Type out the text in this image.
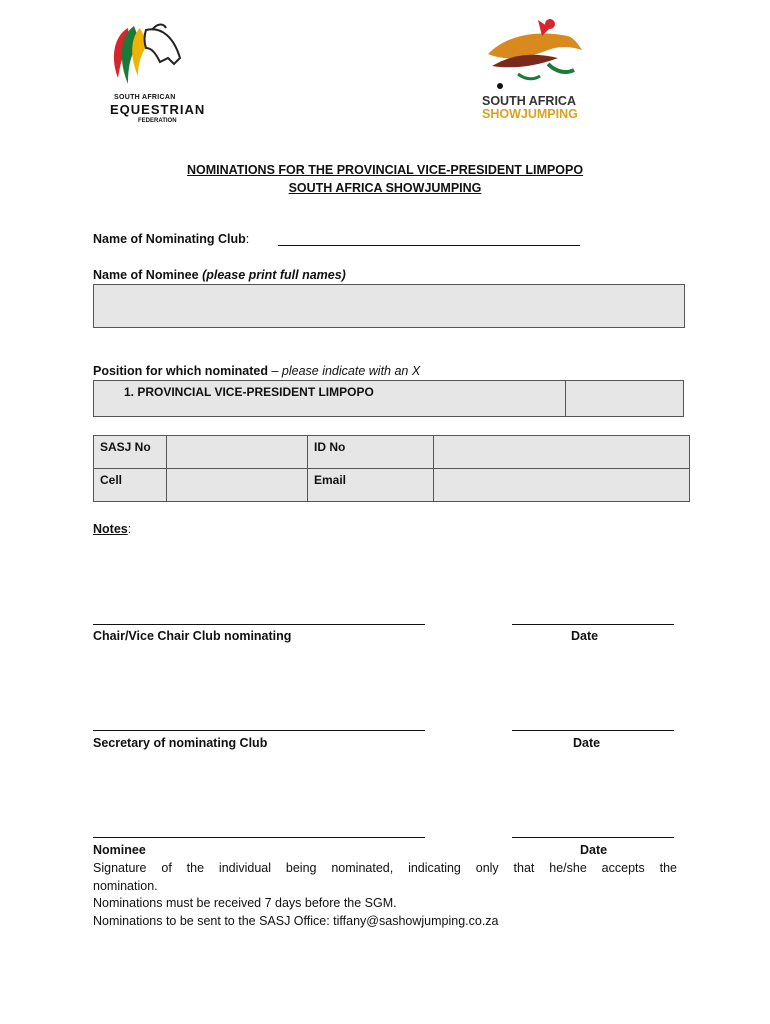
SOUTH AFRICAN
EQUESTRIAN
FEDERATION
SOUTH AFRICA
SHOWJUMPING
NOMINATIONS FOR THE PROVINCIAL VICE-PRESIDENT LIMPOPO
SOUTH AFRICA SHOWJUMPING
Name of Nominating Club:
Name of Nominee (please print full names)
Position for which nominated – please indicate with an X
1. PROVINCIAL VICE-PRESIDENT LIMPOPO	
SASJ No		ID No	
Cell		Email	
Notes:
Chair/Vice Chair Club nominating	Date
Secretary of nominating Club	Date
Nominee	Date
Signature of the individual being nominated, indicating only that he/she accepts the
nomination.
Nominations must be received 7 days before the SGM.
Nominations to be sent to the SASJ Office: tiffany@sashowjumping.co.za
